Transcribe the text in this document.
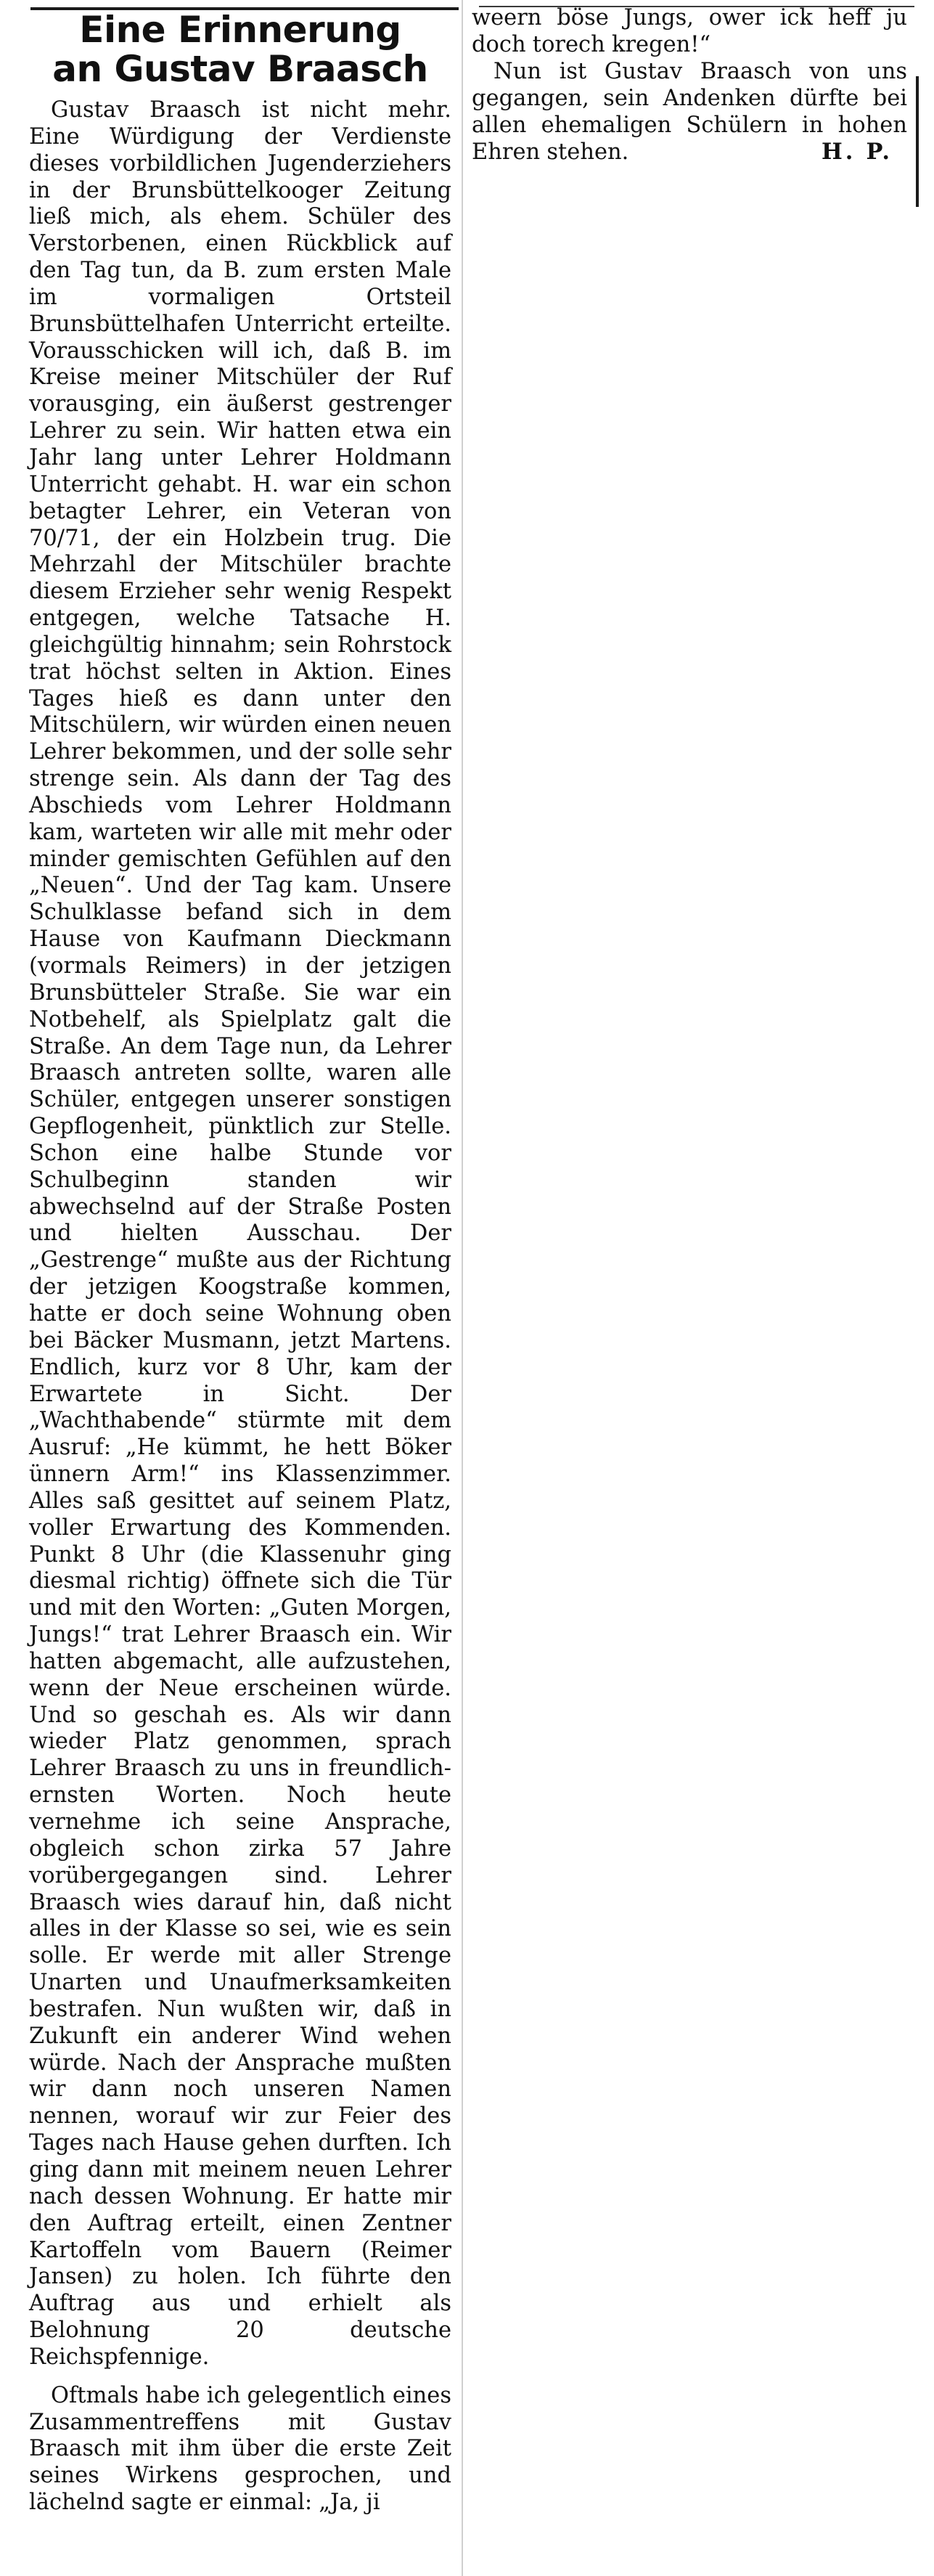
Eine Erinnerung
an Gustav Braasch

Gustav Braasch ist nicht mehr. Eine Würdigung der Verdienste dieses vorbildlichen Jugenderziehers in der Brunsbüttelkooger Zeitung ließ mich, als ehem. Schüler des Verstorbenen, einen Rückblick auf den Tag tun, da B. zum ersten Male im vormaligen Ortsteil Brunsbüttelhafen Unterricht erteilte. Vorausschicken will ich, daß B. im Kreise meiner Mitschüler der Ruf vorausging, ein äußerst gestrenger Lehrer zu sein. Wir hatten etwa ein Jahr lang unter Lehrer Holdmann Unterricht gehabt. H. war ein schon betagter Lehrer, ein Veteran von 70/71, der ein Holzbein trug. Die Mehrzahl der Mitschüler brachte diesem Erzieher sehr wenig Respekt entgegen, welche Tatsache H. gleichgültig hinnahm; sein Rohrstock trat höchst selten in Aktion. Eines Tages hieß es dann unter den Mitschülern, wir würden einen neuen Lehrer bekommen, und der solle sehr strenge sein. Als dann der Tag des Abschieds vom Lehrer Holdmann kam, warteten wir alle mit mehr oder minder gemischten Gefühlen auf den „Neuen“. Und der Tag kam. Unsere Schulklasse befand sich in dem Hause von Kaufmann Dieckmann (vormals Reimers) in der jetzigen Brunsbütteler Straße. Sie war ein Notbehelf, als Spielplatz galt die Straße. An dem Tage nun, da Lehrer Braasch antreten sollte, waren alle Schüler, entgegen unserer sonstigen Gepflogenheit, pünktlich zur Stelle. Schon eine halbe Stunde vor Schulbeginn standen wir abwechselnd auf der Straße Posten und hielten Ausschau. Der „Gestrenge“ mußte aus der Richtung der jetzigen Koogstraße kommen, hatte er doch seine Wohnung oben bei Bäcker Musmann, jetzt Martens. Endlich, kurz vor 8 Uhr, kam der Erwartete in Sicht. Der „Wachthabende“ stürmte mit dem Ausruf: „He kümmt, he hett Böker ünnern Arm!“ ins Klassenzimmer. Alles saß gesittet auf seinem Platz, voller Erwartung des Kommenden. Punkt 8 Uhr (die Klassenuhr ging diesmal richtig) öffnete sich die Tür und mit den Worten: „Guten Morgen, Jungs!“ trat Lehrer Braasch ein. Wir hatten abgemacht, alle aufzustehen, wenn der Neue erscheinen würde. Und so geschah es. Als wir dann wieder Platz genommen, sprach Lehrer Braasch zu uns in freundlich-ernsten Worten. Noch heute vernehme ich seine Ansprache, obgleich schon zirka 57 Jahre vorübergegangen sind. Lehrer Braasch wies darauf hin, daß nicht alles in der Klasse so sei, wie es sein solle. Er werde mit aller Strenge Unarten und Unaufmerksamkeiten bestrafen. Nun wußten wir, daß in Zukunft ein anderer Wind wehen würde. Nach der Ansprache mußten wir dann noch unseren Namen nennen, worauf wir zur Feier des Tages nach Hause gehen durften. Ich ging dann mit meinem neuen Lehrer nach dessen Wohnung. Er hatte mir den Auftrag erteilt, einen Zentner Kartoffeln vom Bauern (Reimer Jansen) zu holen. Ich führte den Auftrag aus und erhielt als Belohnung 20 deutsche Reichspfennige.

Oftmals habe ich gelegentlich eines Zusammentreffens mit Gustav Braasch mit ihm über die erste Zeit seines Wirkens gesprochen, und lächelnd sagte er einmal: „Ja, ji

weern böse Jungs, ower ick heff ju doch torech kregen!“

Nun ist Gustav Braasch von uns gegangen, sein Andenken dürfte bei allen ehemaligen Schülern in hohen Ehren stehen.	H. P.
